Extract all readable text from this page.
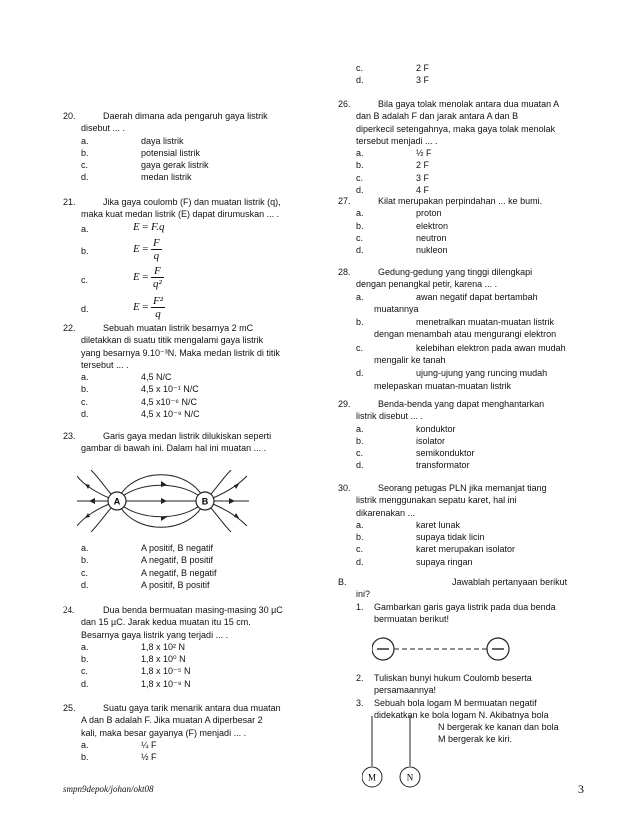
20.	Daerah dimana ada pengaruh gaya listrik
disebut ... .
a.	daya listrik
b.	potensial listrik
c.	gaya gerak listrik
d.	medan listrik
21.	Jika gaya coulomb (F) dan muatan listrik (q),
maka kuat medan listrik (E) dapat dirumuskan ... .
a.	E = F.q
b.	$E = \frac{F}{q}$
c.	$E = \frac{F}{\text{q²}}$
d.	$E = \frac{\text{F²}}{q}$
22.	Sebuah muatan listrik besarnya 2 mC
diletakkan di suatu titik mengalami gaya listrik
yang besarnya 9.10⁻³N. Maka medan listrik di titik
tersebut ... .
a.	4,5 N/C
b.	4,5 x 10⁻¹ N/C
c.	4,5 x10⁻⁶ N/C
d.	4,5 x 10⁻⁹ N/C
23.	Garis gaya medan listrik dilukiskan seperti
gambar di bawah ini. Dalam hal ini muatan ... .
A	B
a.	A positif, B negatif
b.	A negatif, B positif
c.	A negatif, B negatif
d.	A positif, B positif
24.	Dua benda bermuatan masing-masing 30 µC
dan 15 µC. Jarak kedua muatan itu 15 cm.
Besarnya gaya listrik yang terjadi ... .
a.	1,8 x 10² N
b.	1,8 x 10⁰ N
c.	1,8 x 10⁻⁵ N
d.	1,8 x 10⁻⁹ N
25.	Suatu gaya tarik menarik antara dua muatan
A dan B adalah F. Jika muatan A diperbesar 2
kali, maka besar gayanya (F) menjadi ... .
a.	¼ F
b.	½ F
c.	2 F
d.	3 F
26.	Bila gaya tolak menolak antara dua muatan A
dan B adalah F dan jarak antara A dan B
diperkecil setengahnya, maka gaya tolak menolak
tersebut menjadi ... .
a.	½ F
b.	2 F
c.	3 F
d.	4 F
27.	Kilat merupakan perpindahan ... ke bumi.
a.	proton
b.	elektron
c.	neutron
d.	nukleon
28.	Gedung-gedung yang tinggi dilengkapi
dengan penangkal petir, karena ... .
a.	awan negatif dapat bertambah
muatannya
b.	menetralkan muatan-muatan listrik
dengan menambah atau mengurangi elektron
c.	kelebihan elektron pada awan mudah
mengalir ke tanah
d.	ujung-ujung yang runcing mudah
melepaskan muatan-muatan listrik
29.	Benda-benda yang dapat menghantarkan
listrik disebut ... .
a.	konduktor
b.	isolator
c.	semikonduktor
d.	transformator
30.	Seorang petugas PLN jika memanjat tiang
listrik menggunakan sepatu karet, hal ini
dikarenakan ...
a.	karet lunak
b.	supaya tidak licin
c.	karet merupakan isolator
d.	supaya ringan
B.	Jawablah pertanyaan berikut
ini?
1. Gambarkan garis gaya listrik pada dua benda
bermuatan berikut!
2. Tuliskan bunyi hukum Coulomb beserta
persamaannya!
3. Sebuah bola logam M bermuatan negatif
didekatkan ke bola logam N. Akibatnya bola
N bergerak ke kanan dan bola
M bergerak ke kiri.
M	N
smpn9depok/johan/okt08	3
